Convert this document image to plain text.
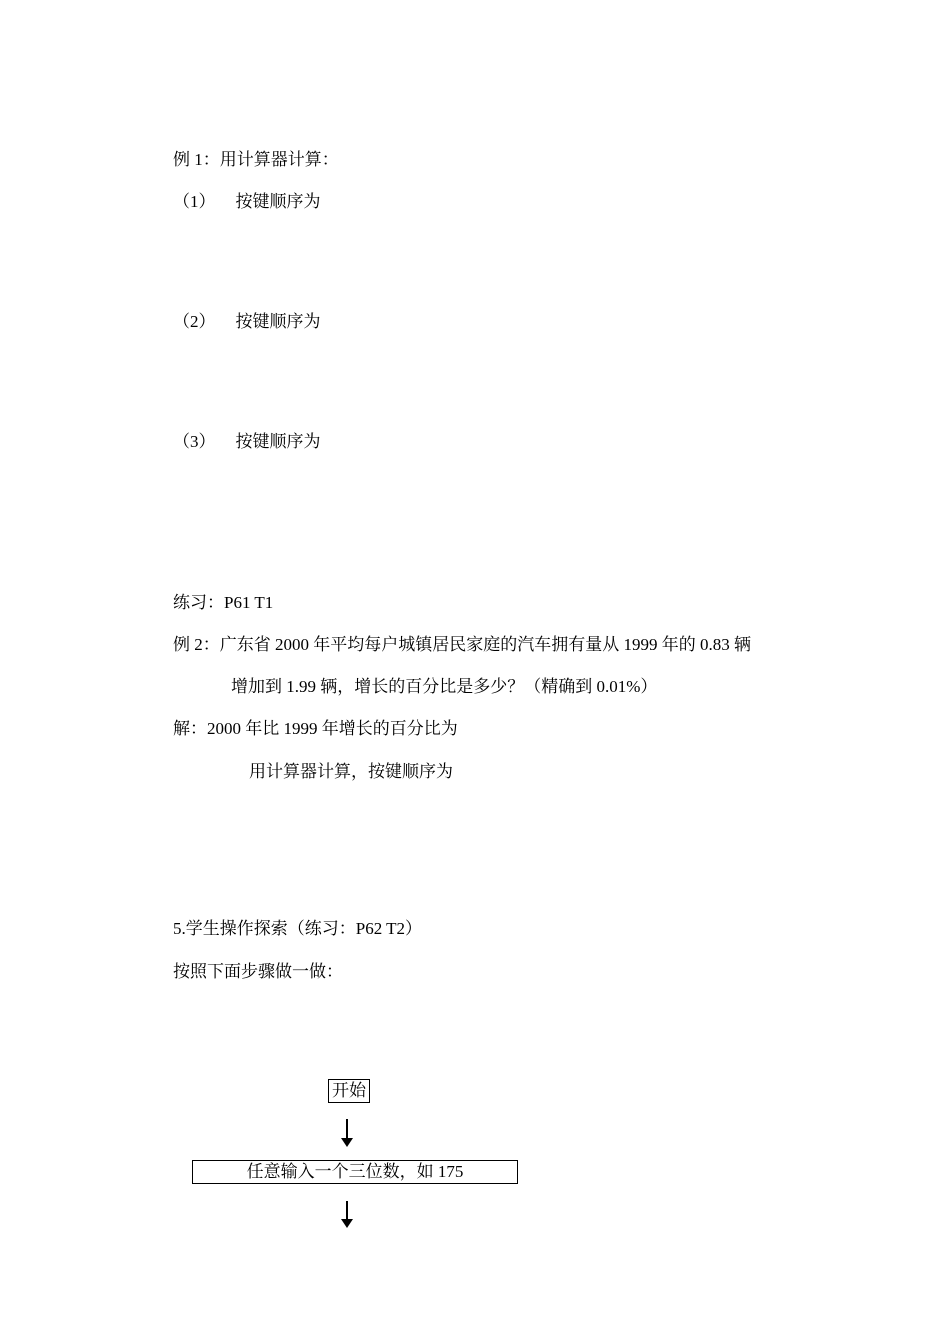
例 1：用计算器计算：
（1） 按键顺序为
（2） 按键顺序为
（3） 按键顺序为
练习：P61 T1
例 2：广东省 2000 年平均每户城镇居民家庭的汽车拥有量从 1999 年的 0.83 辆
增加到 1.99 辆，增长的百分比是多少？（精确到 0.01%）
解：2000 年比 1999 年增长的百分比为
用计算器计算，按键顺序为
5.学生操作探索（练习：P62 T2）
按照下面步骤做一做：
开始
任意输入一个三位数，如 175
